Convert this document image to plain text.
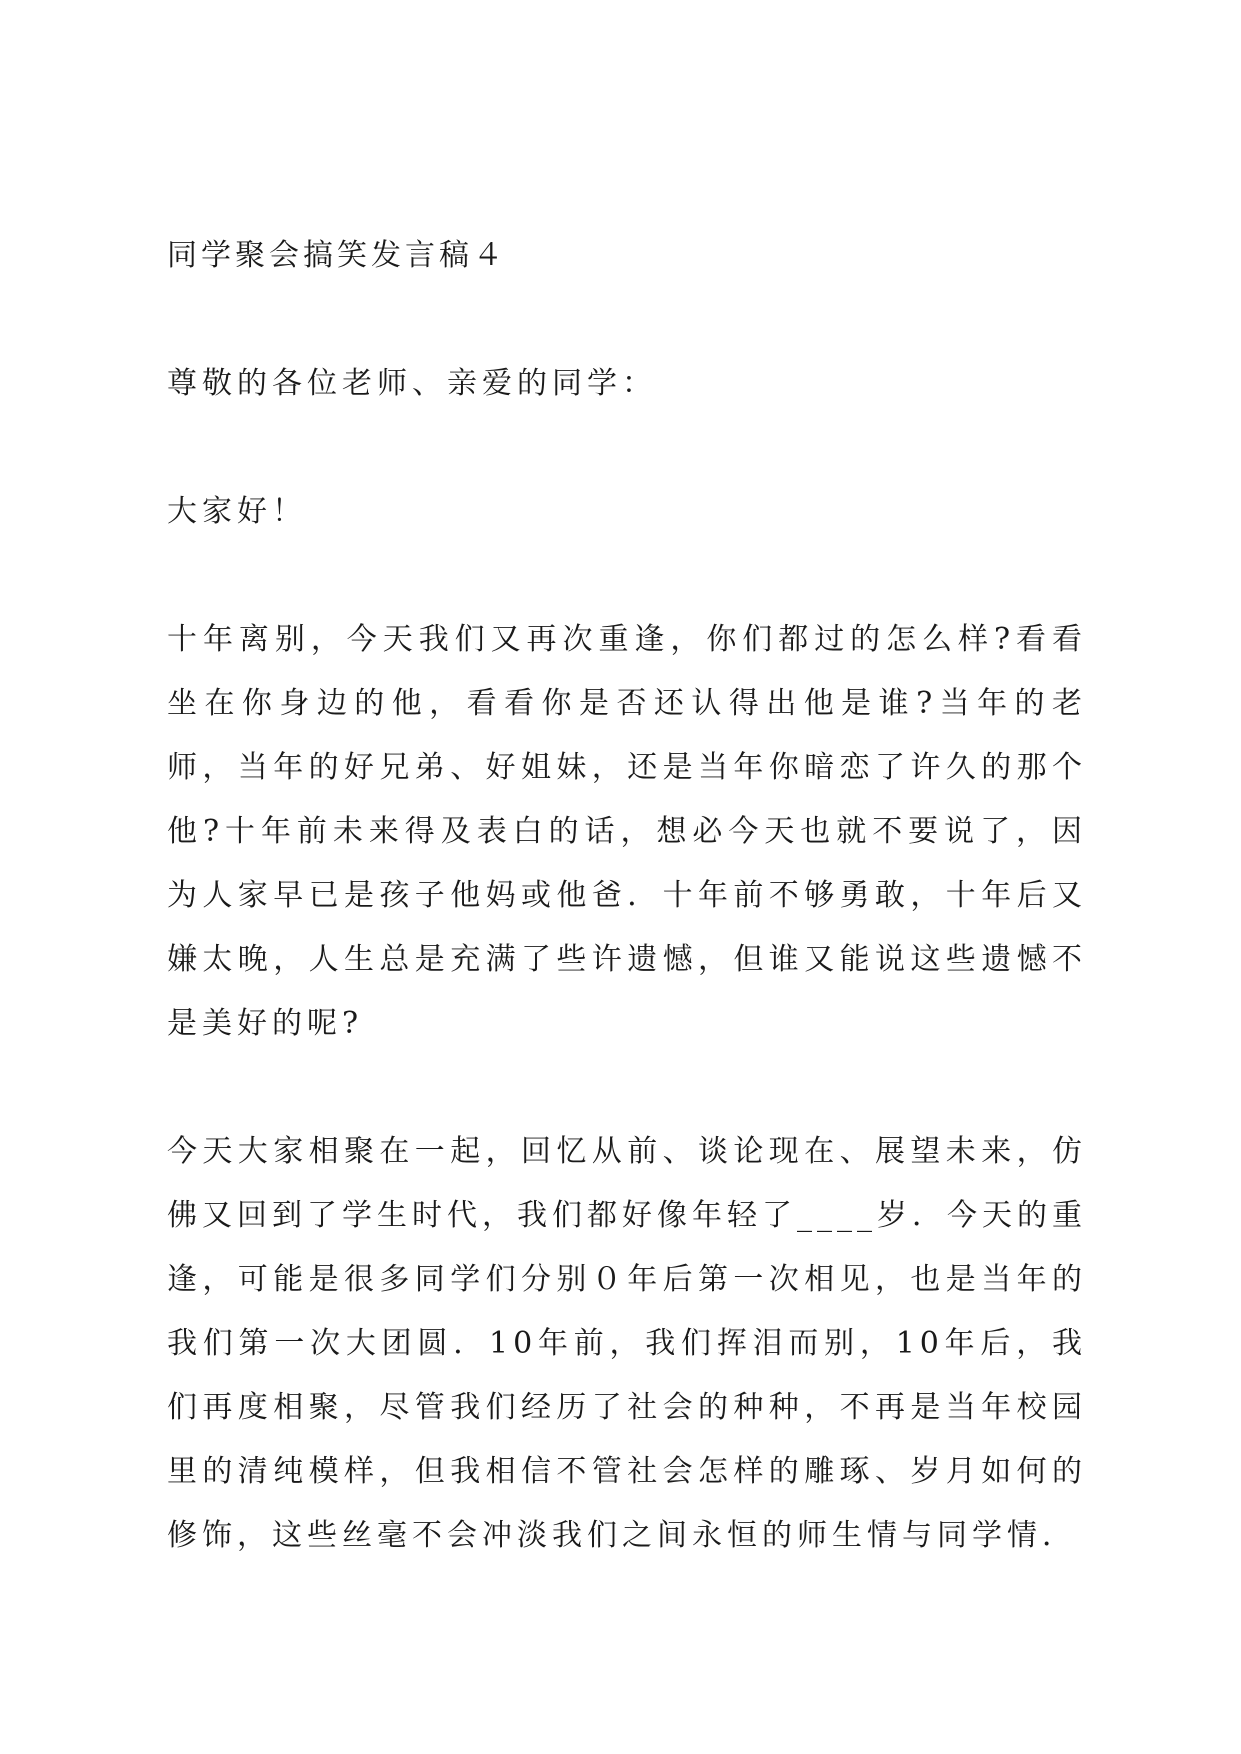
同学聚会搞笑发言稿４

尊敬的各位老师、亲爱的同学：

大家好！

十年离别，今天我们又再次重逢，你们都过的怎么样?看看坐在你身边的他，看看你是否还认得出他是谁?当年的老师，当年的好兄弟、好姐妹，还是当年你暗恋了许久的那个他?十年前未来得及表白的话，想必今天也就不要说了，因为人家早已是孩子他妈或他爸．十年前不够勇敢，十年后又嫌太晚，人生总是充满了些许遗憾，但谁又能说这些遗憾不是美好的呢?

今天大家相聚在一起，回忆从前、谈论现在、展望未来，仿佛又回到了学生时代，我们都好像年轻了____岁．今天的重逢，可能是很多同学们分别０年后第一次相见，也是当年的我们第一次大团圆．10年前，我们挥泪而别，10年后，我们再度相聚，尽管我们经历了社会的种种，不再是当年校园里的清纯模样，但我相信不管社会怎样的雕琢、岁月如何的修饰，这些丝毫不会冲淡我们之间永恒的师生情与同学情．
